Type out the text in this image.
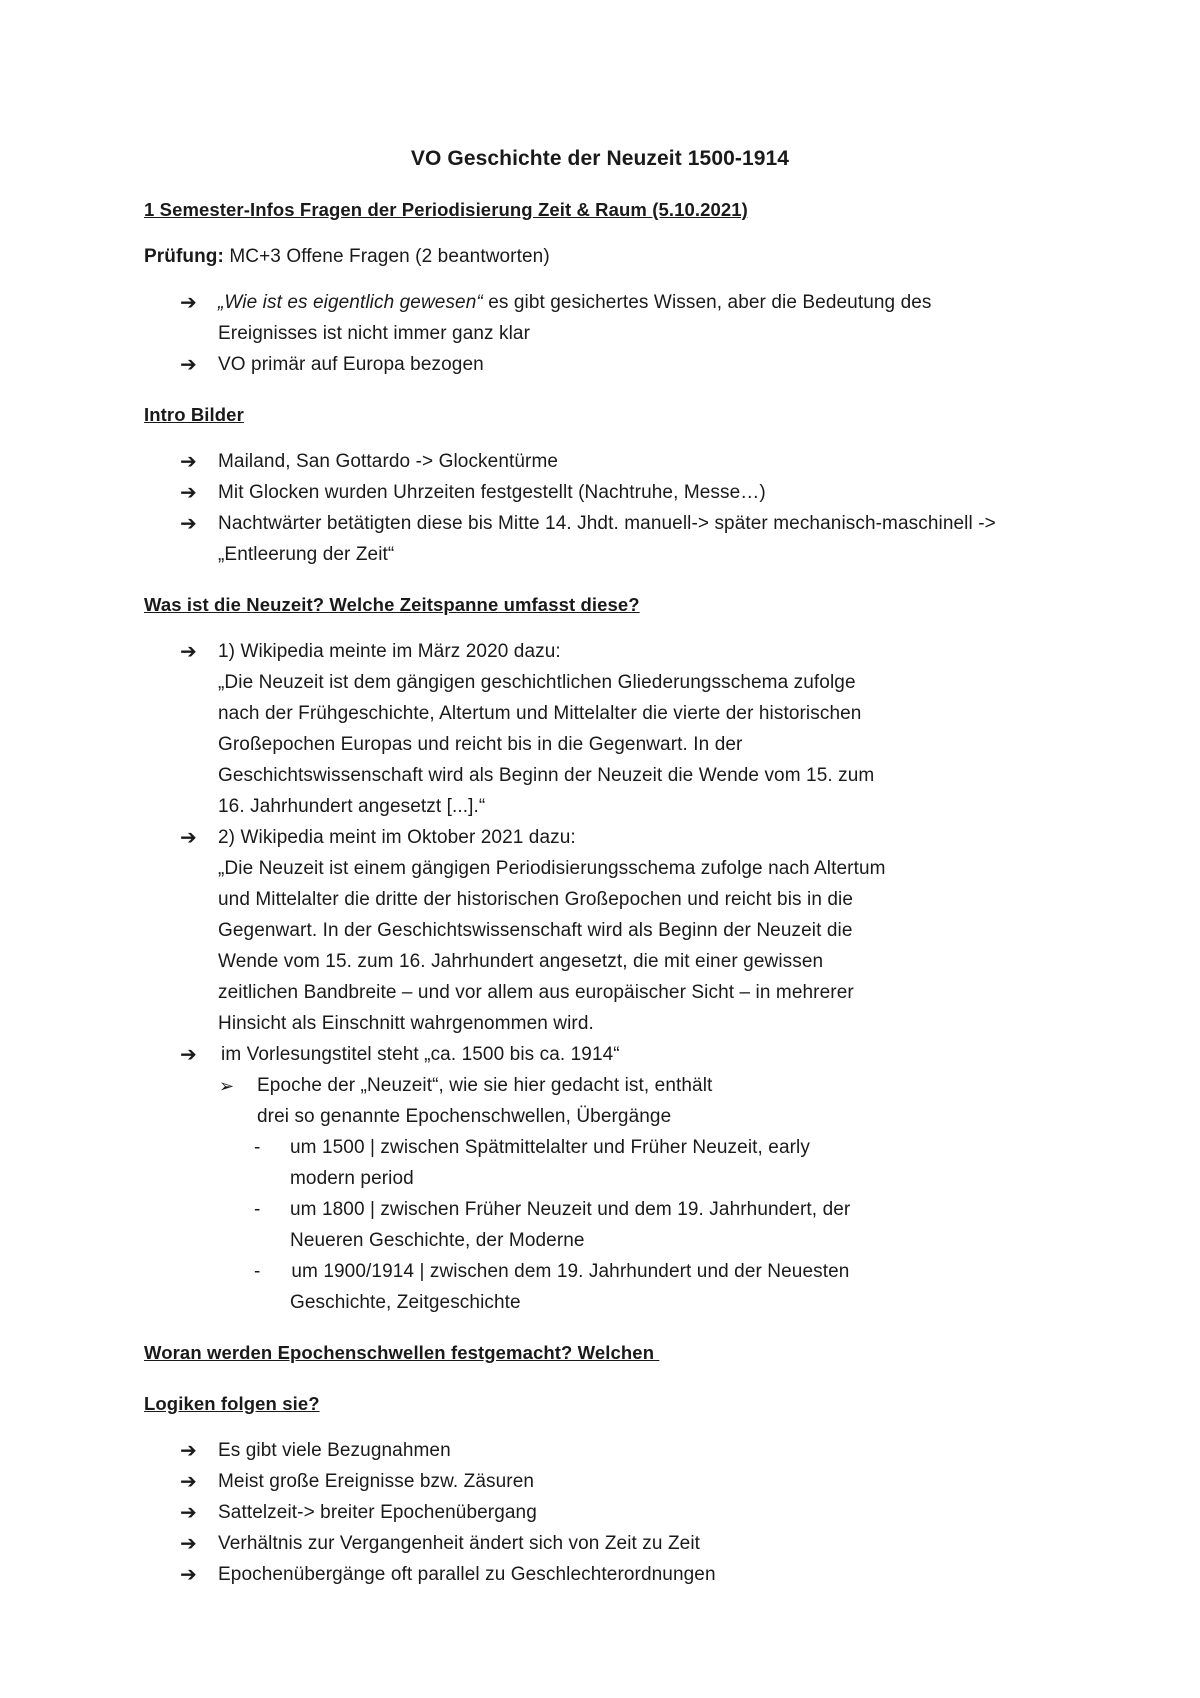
VO Geschichte der Neuzeit 1500-1914
1 Semester-Infos Fragen der Periodisierung Zeit & Raum (5.10.2021)
Prüfung: MC+3 Offene Fragen (2 beantworten)
➔ „Wie ist es eigentlich gewesen“ es gibt gesichertes Wissen, aber die Bedeutung des
Ereignisses ist nicht immer ganz klar
➔ VO primär auf Europa bezogen
Intro Bilder
➔ Mailand, San Gottardo -> Glockentürme
➔ Mit Glocken wurden Uhrzeiten festgestellt (Nachtruhe, Messe…)
➔ Nachtwärter betätigten diese bis Mitte 14. Jhdt. manuell-> später mechanisch-maschinell ->
„Entleerung der Zeit“
Was ist die Neuzeit? Welche Zeitspanne umfasst diese?
➔ 1) Wikipedia meinte im März 2020 dazu:
„Die Neuzeit ist dem gängigen geschichtlichen Gliederungsschema zufolge
nach der Frühgeschichte, Altertum und Mittelalter die vierte der historischen
Großepochen Europas und reicht bis in die Gegenwart. In der
Geschichtswissenschaft wird als Beginn der Neuzeit die Wende vom 15. zum
16. Jahrhundert angesetzt [...].“
➔ 2) Wikipedia meint im Oktober 2021 dazu:
„Die Neuzeit ist einem gängigen Periodisierungsschema zufolge nach Altertum
und Mittelalter die dritte der historischen Großepochen und reicht bis in die
Gegenwart. In der Geschichtswissenschaft wird als Beginn der Neuzeit die
Wende vom 15. zum 16. Jahrhundert angesetzt, die mit einer gewissen
zeitlichen Bandbreite – und vor allem aus europäischer Sicht – in mehrerer
Hinsicht als Einschnitt wahrgenommen wird.
➔ im Vorlesungstitel steht „ca. 1500 bis ca. 1914“
➢ Epoche der „Neuzeit“, wie sie hier gedacht ist, enthält
drei so genannte Epochenschwellen, Übergänge
- um 1500 | zwischen Spätmittelalter und Früher Neuzeit, early
modern period
- um 1800 | zwischen Früher Neuzeit und dem 19. Jahrhundert, der
Neueren Geschichte, der Moderne
- um 1900/1914 | zwischen dem 19. Jahrhundert und der Neuesten
Geschichte, Zeitgeschichte
Woran werden Epochenschwellen festgemacht? Welchen
Logiken folgen sie?
➔ Es gibt viele Bezugnahmen
➔ Meist große Ereignisse bzw. Zäsuren
➔ Sattelzeit-> breiter Epochenübergang
➔ Verhältnis zur Vergangenheit ändert sich von Zeit zu Zeit
➔ Epochenübergänge oft parallel zu Geschlechterordnungen
